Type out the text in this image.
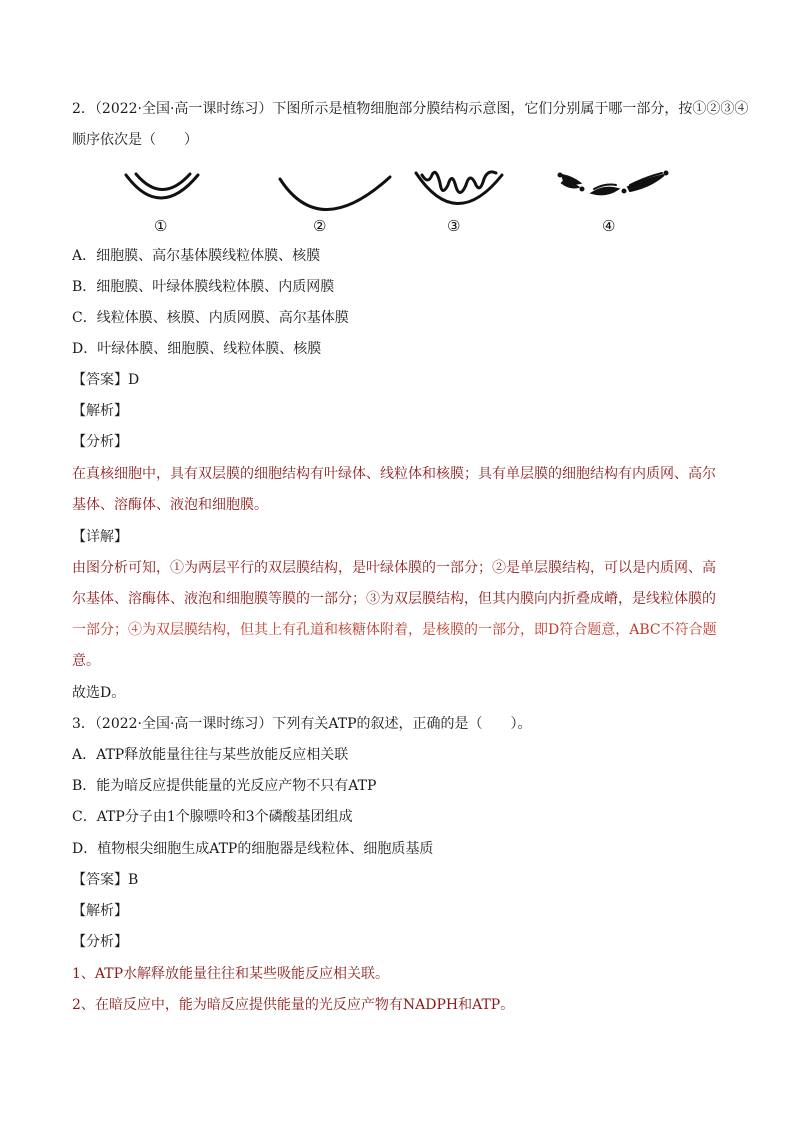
2．（2022·全国·高一课时练习）下图所示是植物细胞部分膜结构示意图，它们分别属于哪一部分，按①②③④
顺序依次是（　　）
①	②	③	④
A．细胞膜、高尔基体膜线粒体膜、核膜
B．细胞膜、叶绿体膜线粒体膜、内质网膜
C．线粒体膜、核膜、内质网膜、高尔基体膜
D．叶绿体膜、细胞膜、线粒体膜、核膜
【答案】D
【解析】
【分析】
在真核细胞中，具有双层膜的细胞结构有叶绿体、线粒体和核膜；具有单层膜的细胞结构有内质网、高尔
基体、溶酶体、液泡和细胞膜。
【详解】
由图分析可知，①为两层平行的双层膜结构，是叶绿体膜的一部分；②是单层膜结构，可以是内质网、高
尔基体、溶酶体、液泡和细胞膜等膜的一部分；③为双层膜结构，但其内膜向内折叠成嵴，是线粒体膜的
一部分；④为双层膜结构，但其上有孔道和核糖体附着，是核膜的一部分，即D符合题意，ABC不符合题
意。
故选D。
3．（2022·全国·高一课时练习）下列有关ATP的叙述，正确的是（　　）。
A．ATP释放能量往往与某些放能反应相关联
B．能为暗反应提供能量的光反应产物不只有ATP
C．ATP分子由1个腺嘌呤和3个磷酸基团组成
D．植物根尖细胞生成ATP的细胞器是线粒体、细胞质基质
【答案】B
【解析】
【分析】
1、ATP水解释放能量往往和某些吸能反应相关联。
2、在暗反应中，能为暗反应提供能量的光反应产物有NADPH和ATP。
